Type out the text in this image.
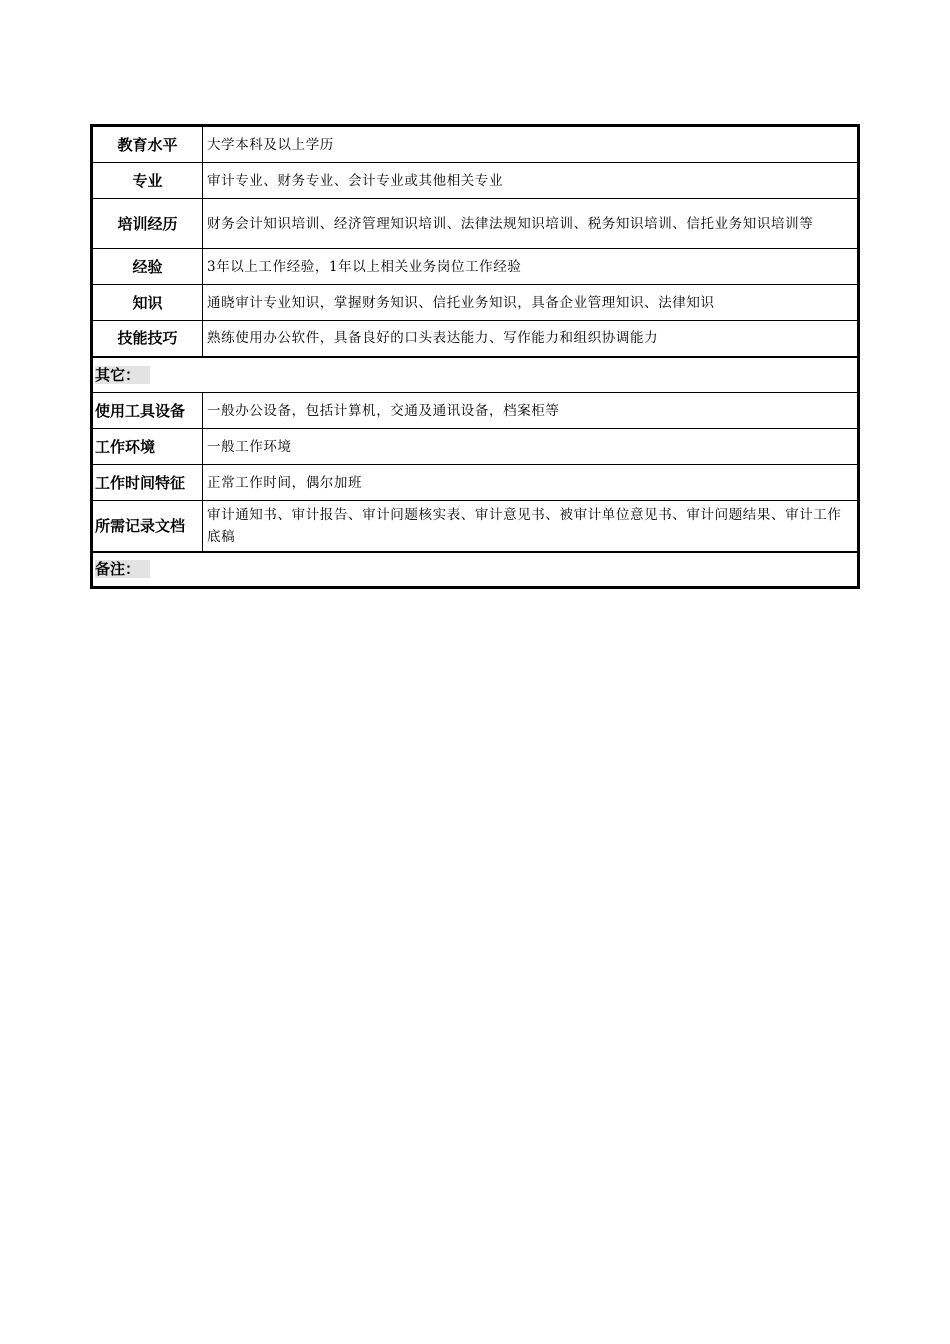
教育水平	大学本科及以上学历
专业	审计专业、财务专业、会计专业或其他相关专业
培训经历	财务会计知识培训、经济管理知识培训、法律法规知识培训、税务知识培训、信托业务知识培训等
经验	3年以上工作经验，1年以上相关业务岗位工作经验
知识	通晓审计专业知识，掌握财务知识、信托业务知识，具备企业管理知识、法律知识
技能技巧	熟练使用办公软件，具备良好的口头表达能力、写作能力和组织协调能力
其它：	
使用工具设备	一般办公设备，包括计算机，交通及通讯设备，档案柜等
工作环境	一般工作环境
工作时间特征	正常工作时间，偶尔加班
所需记录文档	审计通知书、审计报告、审计问题核实表、审计意见书、被审计单位意见书、审计问题结果、审计工作底稿
备注：	
